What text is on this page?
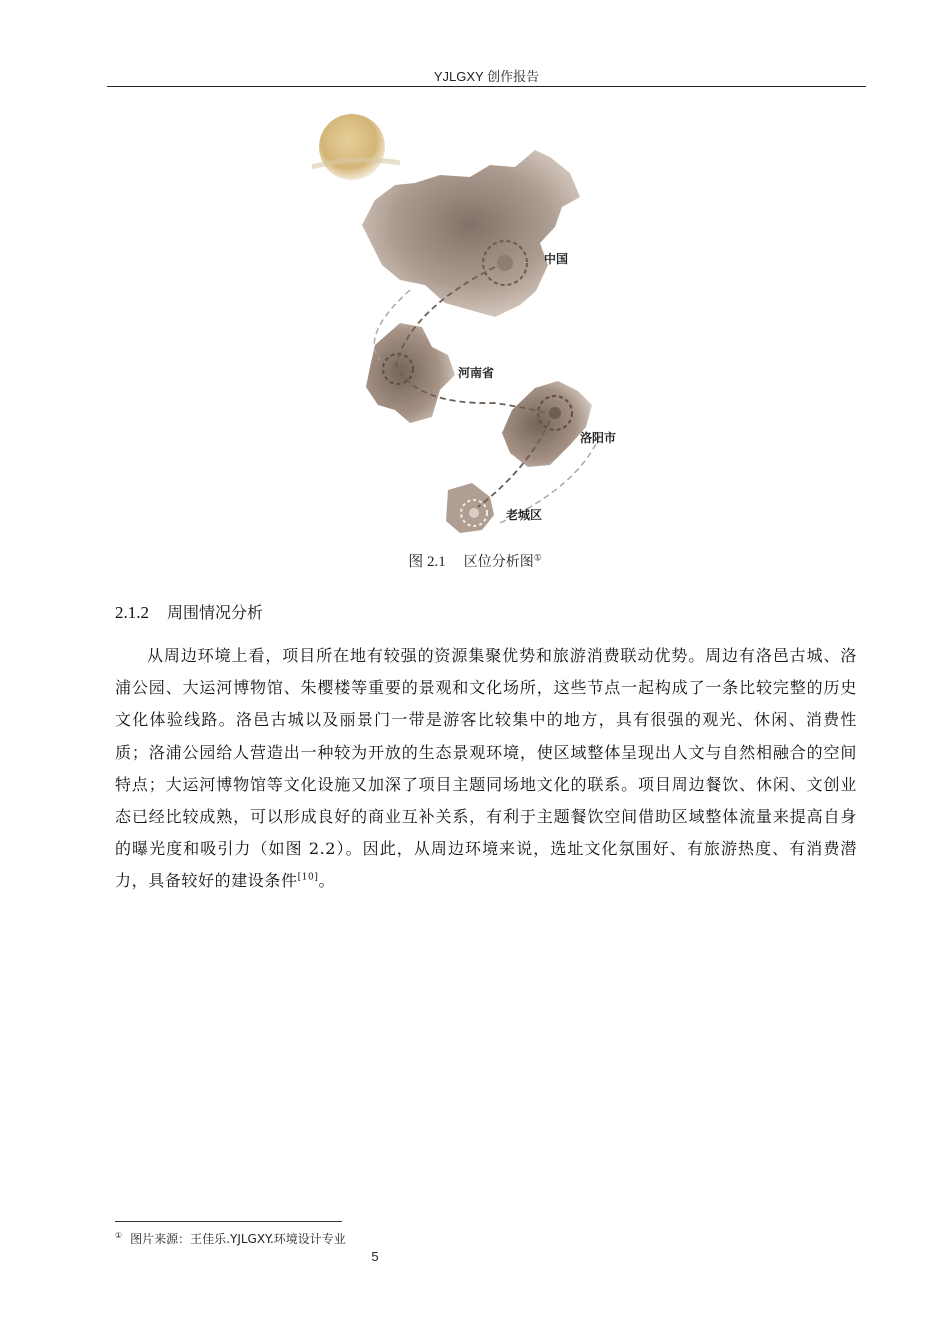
YJLGXY 创作报告
中国
河南省
洛阳市
老城区
图 2.1 区位分析图①
2.1.2 周围情况分析

从周边环境上看，项目所在地有较强的资源集聚优势和旅游消费联动优势。周边有洛邑古城、洛浦公园、大运河博物馆、朱樱楼等重要的景观和文化场所，这些节点一起构成了一条比较完整的历史文化体验线路。洛邑古城以及丽景门一带是游客比较集中的地方，具有很强的观光、休闲、消费性质；洛浦公园给人营造出一种较为开放的生态景观环境，使区域整体呈现出人文与自然相融合的空间特点；大运河博物馆等文化设施又加深了项目主题同场地文化的联系。项目周边餐饮、休闲、文创业态已经比较成熟，可以形成良好的商业互补关系，有利于主题餐饮空间借助区域整体流量来提高自身的曝光度和吸引力（如图 2.2）。因此，从周边环境来说，选址文化氛围好、有旅游热度、有消费潜力，具备较好的建设条件[10]。

① 图片来源：王佳乐.YJLGXY.环境设计专业
5
